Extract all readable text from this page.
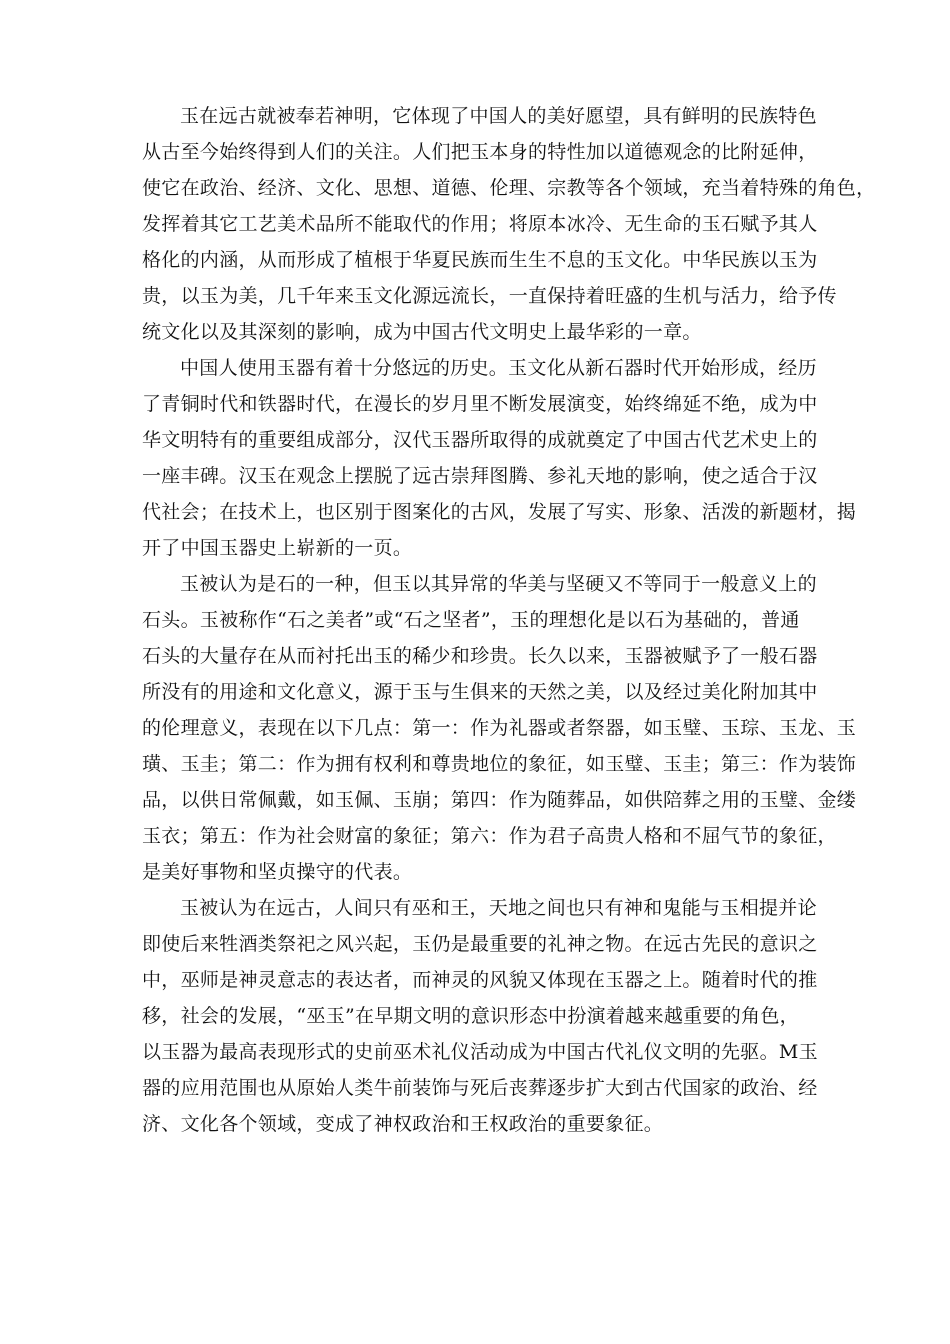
玉在远古就被奉若神明，它体现了中国人的美好愿望，具有鲜明的民族特色
从古至今始终得到人们的关注。人们把玉本身的特性加以道德观念的比附延伸，
使它在政治、经济、文化、思想、道德、伦理、宗教等各个领域，充当着特殊的角色，
发挥着其它工艺美术品所不能取代的作用；将原本冰冷、无生命的玉石赋予其人
格化的内涵，从而形成了植根于华夏民族而生生不息的玉文化。中华民族以玉为
贵，以玉为美，几千年来玉文化源远流长，一直保持着旺盛的生机与活力，给予传
统文化以及其深刻的影响，成为中国古代文明史上最华彩的一章。
中国人使用玉器有着十分悠远的历史。玉文化从新石器时代开始形成，经历
了青铜时代和铁器时代，在漫长的岁月里不断发展演变，始终绵延不绝，成为中
华文明特有的重要组成部分，汉代玉器所取得的成就奠定了中国古代艺术史上的
一座丰碑。汉玉在观念上摆脱了远古崇拜图腾、参礼天地的影响，使之适合于汉
代社会；在技术上，也区别于图案化的古风，发展了写实、形象、活泼的新题材，揭
开了中国玉器史上崭新的一页。
玉被认为是石的一种，但玉以其异常的华美与坚硬又不等同于一般意义上的
石头。玉被称作“石之美者”或“石之坚者”，玉的理想化是以石为基础的，普通
石头的大量存在从而衬托出玉的稀少和珍贵。长久以来，玉器被赋予了一般石器
所没有的用途和文化意义，源于玉与生俱来的天然之美，以及经过美化附加其中
的伦理意义，表现在以下几点：第一：作为礼器或者祭器，如玉璧、玉琮、玉龙、玉
璜、玉圭；第二：作为拥有权利和尊贵地位的象征，如玉璧、玉圭；第三：作为装饰
品，以供日常佩戴，如玉佩、玉崩；第四：作为随葬品，如供陪葬之用的玉璧、金缕
玉衣；第五：作为社会财富的象征；第六：作为君子高贵人格和不屈气节的象征，
是美好事物和坚贞操守的代表。
玉被认为在远古，人间只有巫和王，天地之间也只有神和鬼能与玉相提并论
即使后来牲酒类祭祀之风兴起，玉仍是最重要的礼神之物。在远古先民的意识之
中，巫师是神灵意志的表达者，而神灵的风貌又体现在玉器之上。随着时代的推
移，社会的发展，“巫玉”在早期文明的意识形态中扮演着越来越重要的角色，
以玉器为最高表现形式的史前巫术礼仪活动成为中国古代礼仪文明的先驱。M玉
器的应用范围也从原始人类牛前装饰与死后丧葬逐步扩大到古代国家的政治、经
济、文化各个领域，变成了神权政治和王权政治的重要象征。
